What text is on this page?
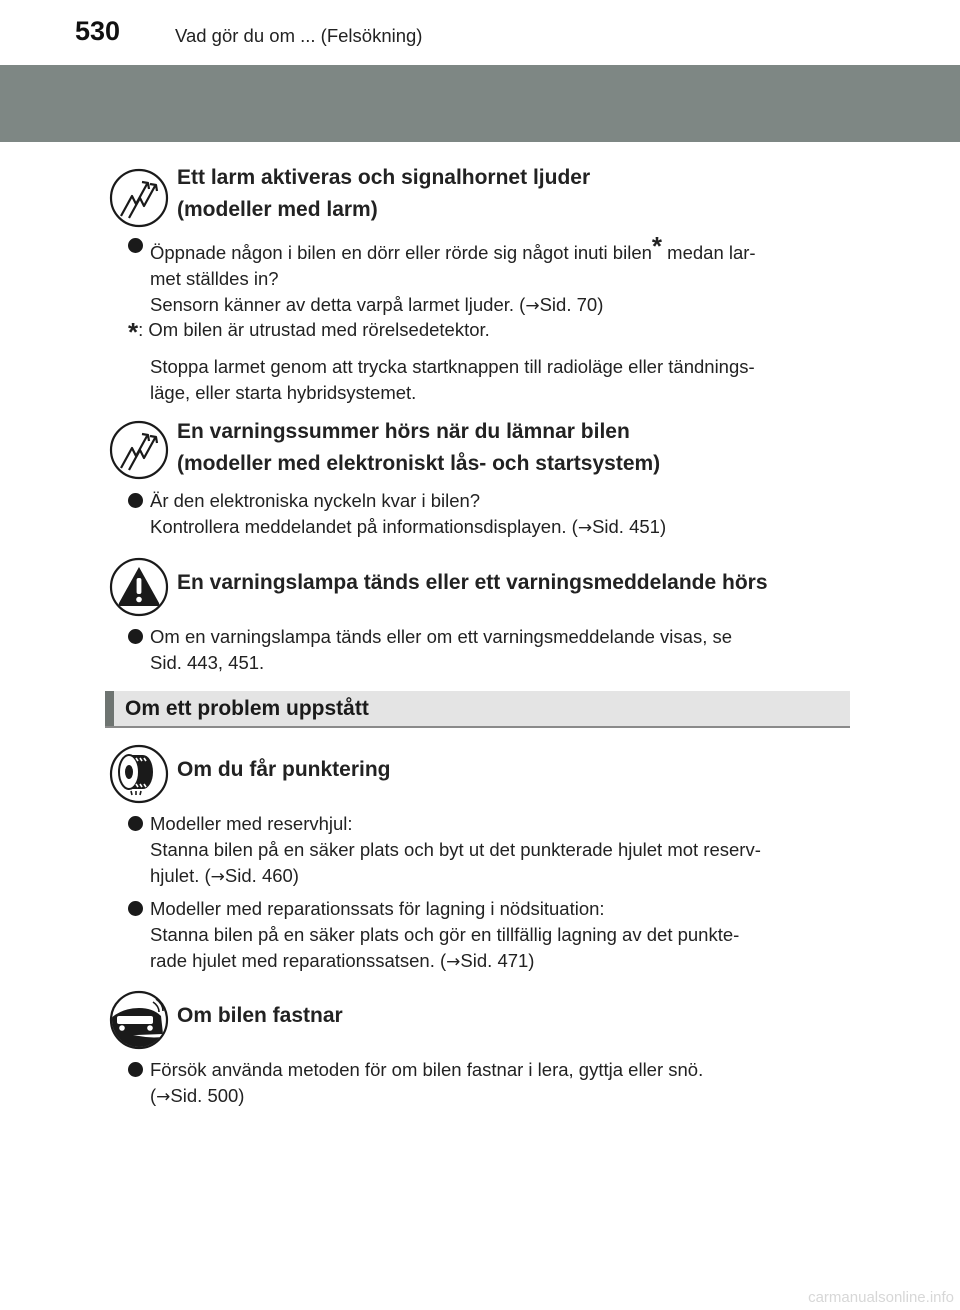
530	Vad gör du om ... (Felsökning)
Ett larm aktiveras och signalhornet ljuder
(modeller med larm)
Öppnade någon i bilen en dörr eller rörde sig något inuti bilen* medan lar-
met ställdes in?
Sensorn känner av detta varpå larmet ljuder. (→Sid. 70)
*: Om bilen är utrustad med rörelsedetektor.
Stoppa larmet genom att trycka startknappen till radioläge eller tändnings-
läge, eller starta hybridsystemet.
En varningssummer hörs när du lämnar bilen
(modeller med elektroniskt lås- och startsystem)
Är den elektroniska nyckeln kvar i bilen?
Kontrollera meddelandet på informationsdisplayen. (→Sid. 451)
En varningslampa tänds eller ett varningsmeddelande hörs
Om en varningslampa tänds eller om ett varningsmeddelande visas, se
Sid. 443, 451.
Om ett problem uppstått
Om du får punktering
Modeller med reservhjul:
Stanna bilen på en säker plats och byt ut det punkterade hjulet mot reserv-
hjulet. (→Sid. 460)
Modeller med reparationssats för lagning i nödsituation:
Stanna bilen på en säker plats och gör en tillfällig lagning av det punkte-
rade hjulet med reparationssatsen. (→Sid. 471)
Om bilen fastnar
Försök använda metoden för om bilen fastnar i lera, gyttja eller snö.
(→Sid. 500)
carmanualsonline.info
